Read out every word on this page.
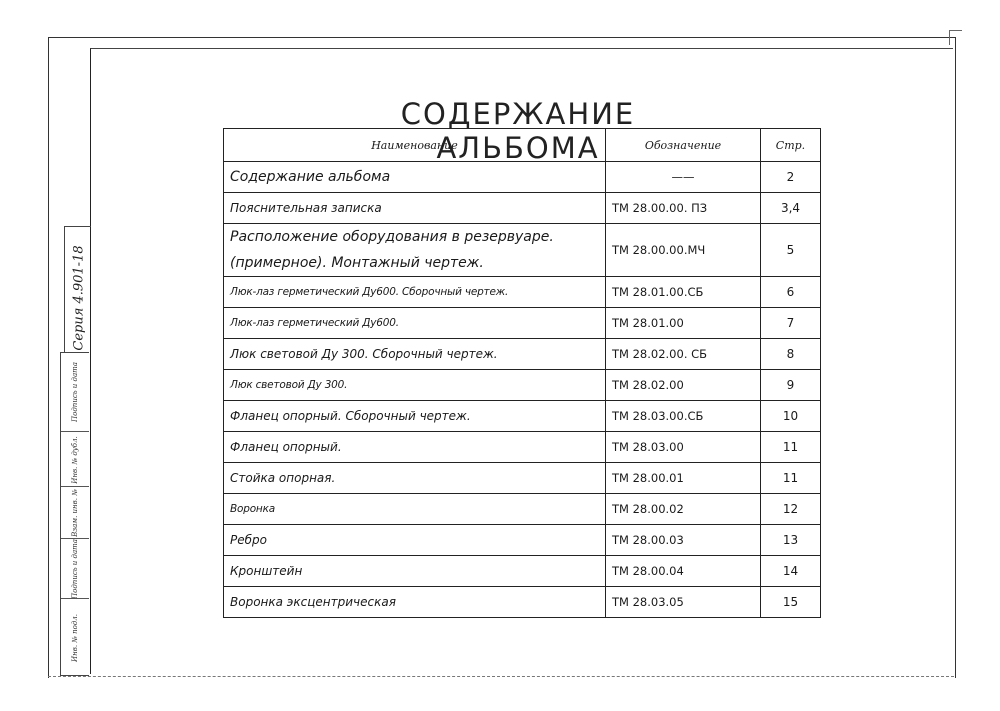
Серия 4.901-18
Подпись и дата
Инв. № дубл.
Взам. инв. №
Подпись и дата
Инв. № подл.
СОДЕРЖАНИЕ АЛЬБОМА
Наименование	Обозначение	Стр.
Содержание альбома	——	2
Пояснительная записка	ТМ 28.00.00. ПЗ	3,4
Расположение оборудования в резервуаре. (примерное). Монтажный чертеж.	ТМ 28.00.00.МЧ	5
Люк-лаз герметический Ду600. Сборочный чертеж.	ТМ 28.01.00.СБ	6
Люк-лаз герметический Ду600.	ТМ 28.01.00	7
Люк световой Ду 300. Сборочный чертеж.	ТМ 28.02.00. СБ	8
Люк световой Ду 300.	ТМ 28.02.00	9
Фланец опорный. Сборочный чертеж.	ТМ 28.03.00.СБ	10
Фланец опорный.	ТМ 28.03.00	11
Стойка опорная.	ТМ 28.00.01	11
Воронка	ТМ 28.00.02	12
Ребро	ТМ 28.00.03	13
Кронштейн	ТМ 28.00.04	14
Воронка эксцентрическая	ТМ 28.03.05	15
